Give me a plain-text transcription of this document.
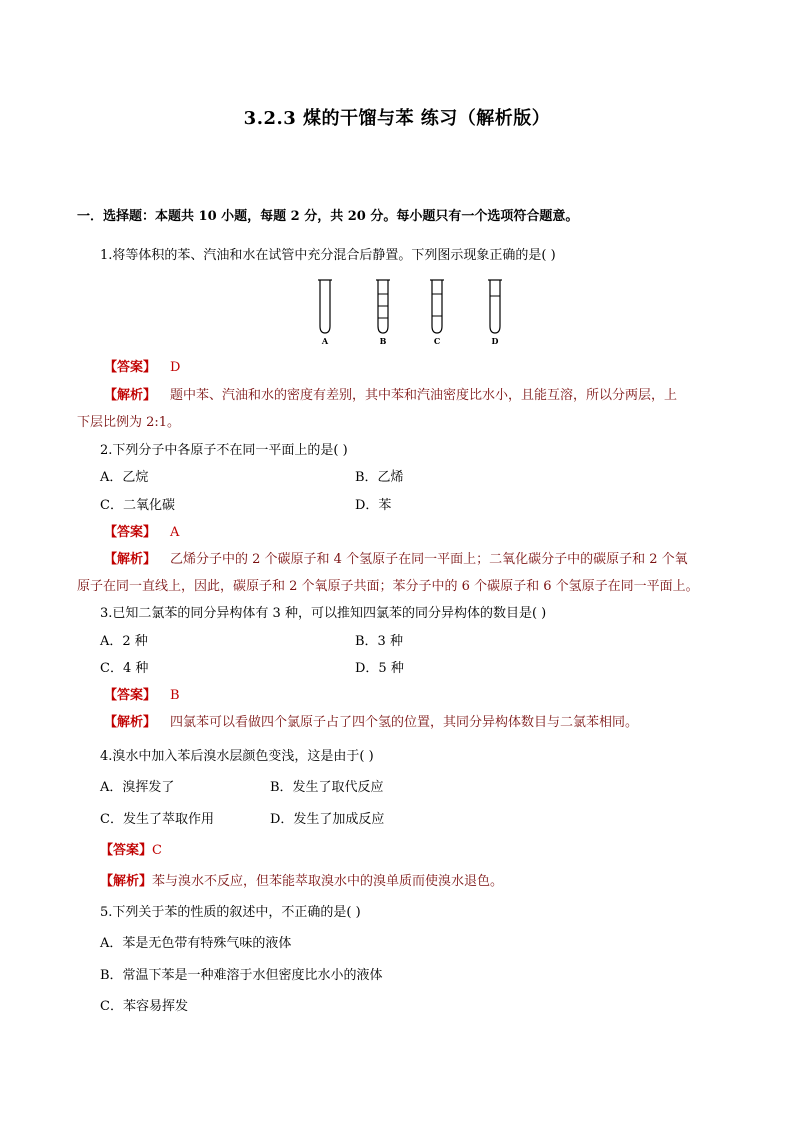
3.2.3 煤的干馏与苯 练习（解析版）
一．选择题：本题共 10 小题，每题 2 分，共 20 分。每小题只有一个选项符合题意。
1.将等体积的苯、汽油和水在试管中充分混合后静置。下列图示现象正确的是( )
A	B	C	D
【答案】 D
【解析】 题中苯、汽油和水的密度有差别，其中苯和汽油密度比水小，且能互溶，所以分两层，上
下层比例为 2:1。
2.下列分子中各原子不在同一平面上的是( )
A．乙烷	B．乙烯
C．二氧化碳	D．苯
【答案】 A
【解析】 乙烯分子中的 2 个碳原子和 4 个氢原子在同一平面上；二氧化碳分子中的碳原子和 2 个氧
原子在同一直线上，因此，碳原子和 2 个氧原子共面；苯分子中的 6 个碳原子和 6 个氢原子在同一平面上。
3.已知二氯苯的同分异构体有 3 种，可以推知四氯苯的同分异构体的数目是( )
A．2 种	B．3 种
C．4 种	D．5 种
【答案】 B
【解析】 四氯苯可以看做四个氯原子占了四个氢的位置，其同分异构体数目与二氯苯相同。
4.溴水中加入苯后溴水层颜色变浅，这是由于( )
A．溴挥发了	B．发生了取代反应
C．发生了萃取作用	D．发生了加成反应
【答案】C
【解析】苯与溴水不反应，但苯能萃取溴水中的溴单质而使溴水退色。
5.下列关于苯的性质的叙述中，不正确的是( )
A．苯是无色带有特殊气味的液体
B．常温下苯是一种难溶于水但密度比水小的液体
C．苯容易挥发
